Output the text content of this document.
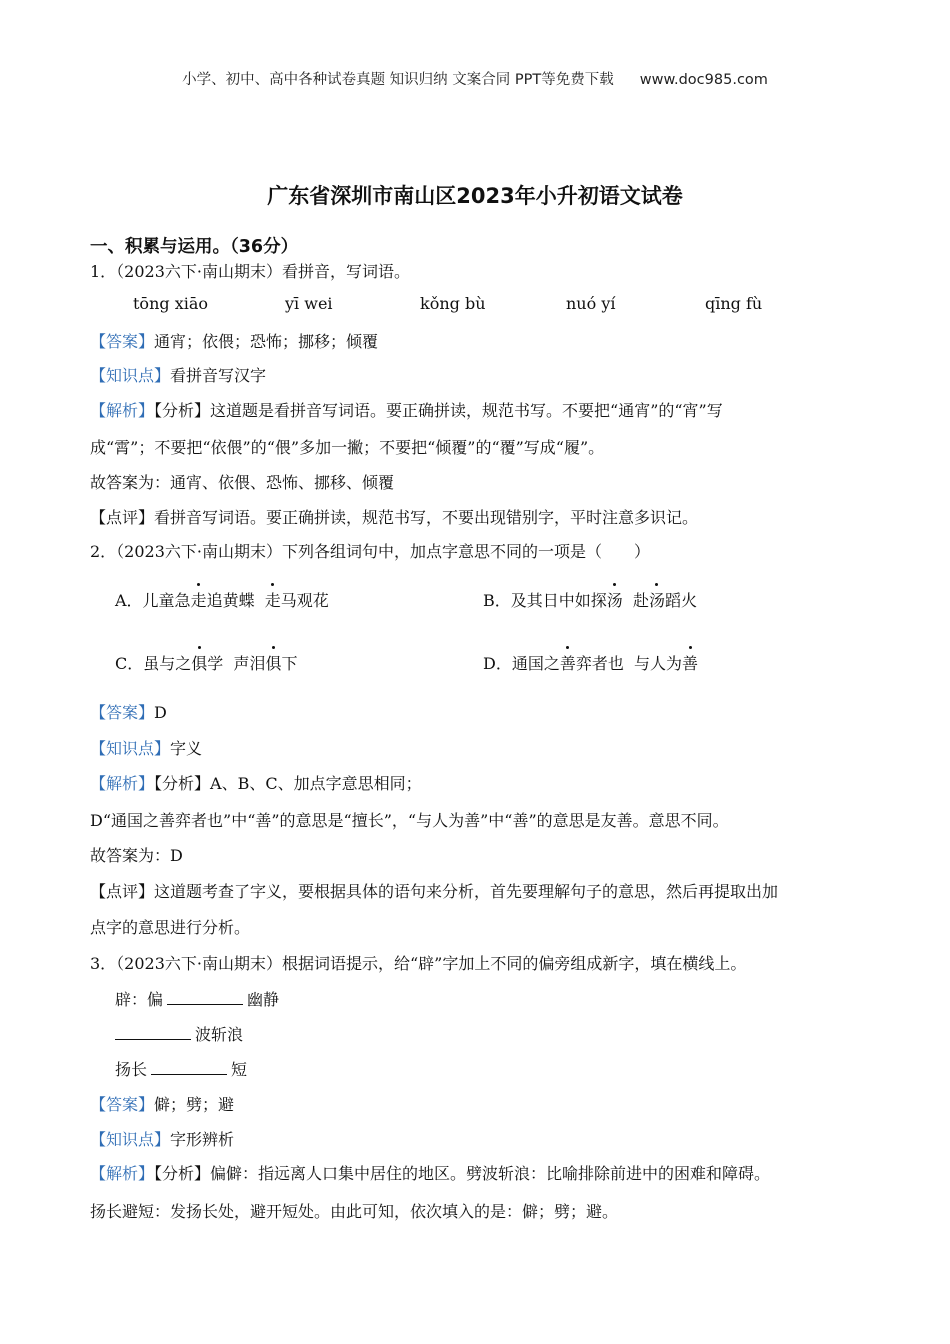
小学、初中、高中各种试卷真题 知识归纳 文案合同 PPT等免费下载 www.doc985.com
广东省深圳市南山区2023年小升初语文试卷
一、积累与运用。（36分）
1．（2023六下·南山期末）看拼音，写词语。
tōng xiāo	yī wei	kǒng bù	nuó yí	qīng fù
【答案】通宵；依偎；恐怖；挪移；倾覆
【知识点】看拼音写汉字
【解析】【分析】这道题是看拼音写词语。要正确拼读，规范书写。不要把“通宵”的“宵”写
成“霄”；不要把“依偎”的“偎”多加一撇；不要把“倾覆”的“覆”写成“履”。
故答案为：通宵、依偎、恐怖、挪移、倾覆
【点评】看拼音写词语。要正确拼读，规范书写，不要出现错别字，平时注意多识记。
2．（2023六下·南山期末）下列各组词句中，加点字意思不同的一项是（　　）
A．儿童急走追黄蝶  走马观花	B．及其日中如探汤  赴汤蹈火
C．虽与之俱学  声泪俱下	D．通国之善弈者也  与人为善
【答案】D
【知识点】字义
【解析】【分析】A、B、C、加点字意思相同；
D“通国之善弈者也”中“善”的意思是“擅长”，“与人为善”中“善”的意思是友善。意思不同。
故答案为：D
【点评】这道题考查了字义，要根据具体的语句来分析，首先要理解句子的意思，然后再提取出加
点字的意思进行分析。
3．（2023六下·南山期末）根据词语提示，给“辟”字加上不同的偏旁组成新字，填在横线上。
辟：偏	幽静
波斩浪
扬长	短
【答案】僻；劈；避
【知识点】字形辨析
【解析】【分析】偏僻：指远离人口集中居住的地区。劈波斩浪：比喻排除前进中的困难和障碍。
扬长避短：发扬长处，避开短处。由此可知，依次填入的是：僻；劈；避。
